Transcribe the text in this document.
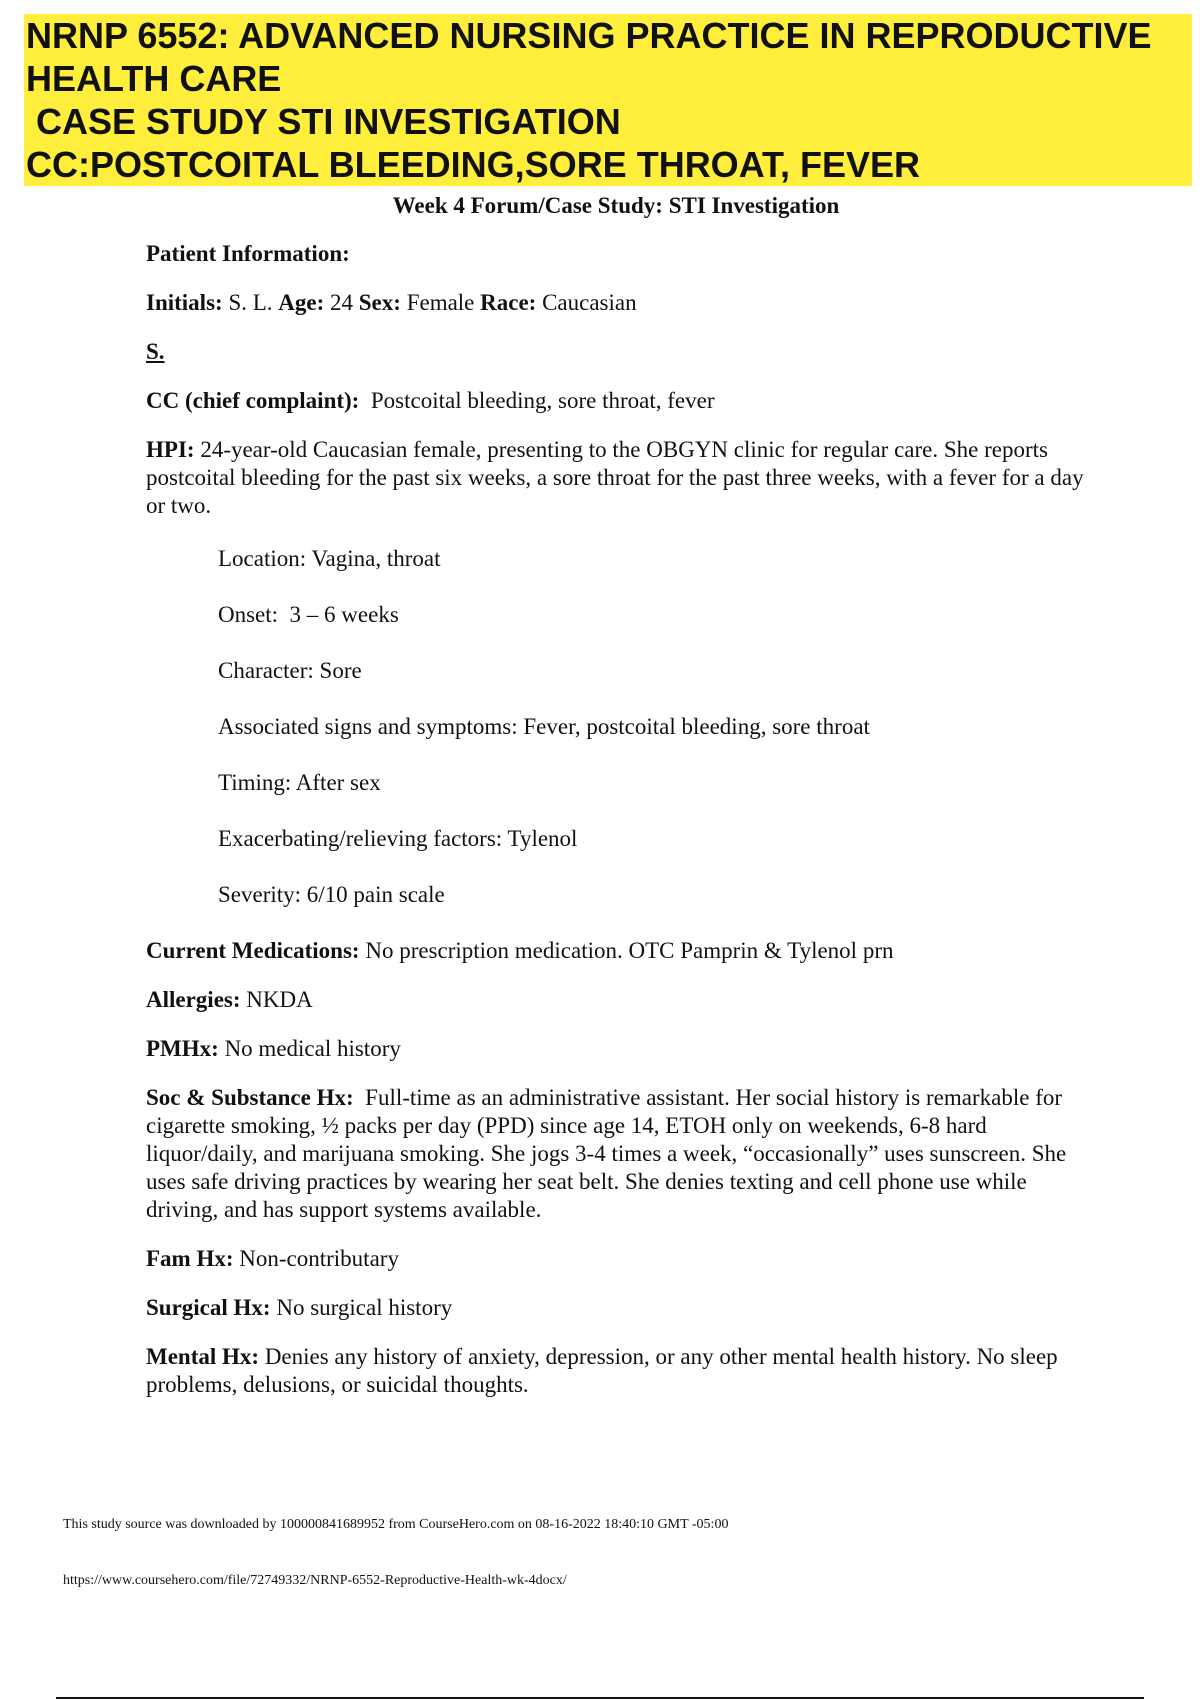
NRNP 6552: ADVANCED NURSING PRACTICE IN REPRODUCTIVE
HEALTH CARE
CASE STUDY STI INVESTIGATION
CC:POSTCOITAL BLEEDING,SORE THROAT, FEVER
Week 4 Forum/Case Study: STI Investigation

Patient Information:

Initials: S. L. Age: 24 Sex: Female Race: Caucasian

S.

CC (chief complaint): Postcoital bleeding, sore throat, fever

HPI: 24-year-old Caucasian female, presenting to the OBGYN clinic for regular care. She reports postcoital bleeding for the past six weeks, a sore throat for the past three weeks, with a fever for a day or two.

Location: Vagina, throat

Onset:  3 – 6 weeks

Character: Sore

Associated signs and symptoms: Fever, postcoital bleeding, sore throat

Timing: After sex

Exacerbating/relieving factors: Tylenol

Severity: 6/10 pain scale

Current Medications: No prescription medication. OTC Pamprin & Tylenol prn

Allergies: NKDA

PMHx: No medical history

Soc & Substance Hx: Full-time as an administrative assistant. Her social history is remarkable for cigarette smoking, ½ packs per day (PPD) since age 14, ETOH only on weekends, 6-8 hard liquor/daily, and marijuana smoking. She jogs 3-4 times a week, “occasionally” uses sunscreen. She uses safe driving practices by wearing her seat belt. She denies texting and cell phone use while driving, and has support systems available.

Fam Hx: Non-contributary

Surgical Hx: No surgical history

Mental Hx: Denies any history of anxiety, depression, or any other mental health history. No sleep problems, delusions, or suicidal thoughts.

This study source was downloaded by 100000841689952 from CourseHero.com on 08-16-2022 18:40:10 GMT -05:00
https://www.coursehero.com/file/72749332/NRNP-6552-Reproductive-Health-wk-4docx/
